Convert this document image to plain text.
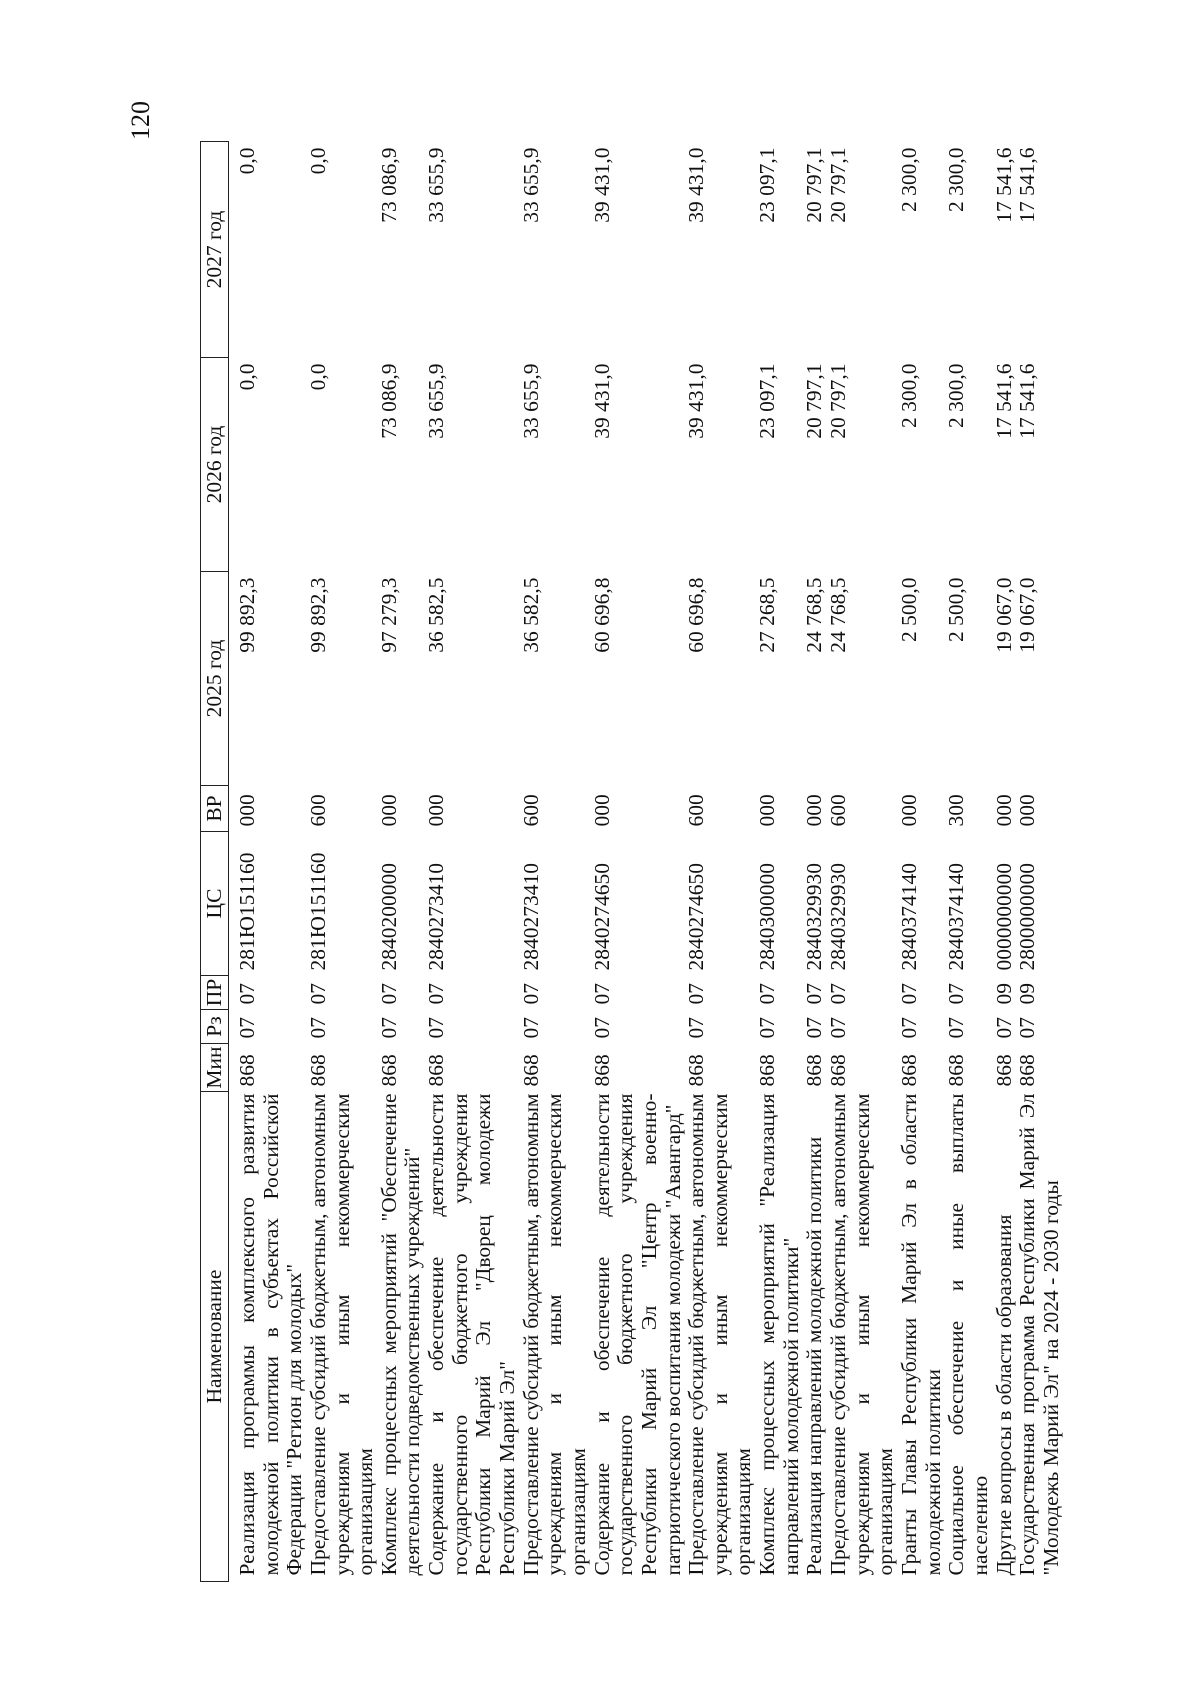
120
Наименование	Мин	Рз	ПР	ЦС	ВР	2025 год	2026 год	2027 год
Реализация программы комплексного развития молодежной политики в субъектах Российской Федерации "Регион для молодых"	868	07	07	281Ю151160	000	99 892,3	0,0	0,0
Предоставление субсидий бюджетным, автономным учреждениям и иным некоммерческим организациям	868	07	07	281Ю151160	600	99 892,3	0,0	0,0
Комплекс процессных мероприятий "Обеспечение деятельности подведомственных учреждений"	868	07	07	2840200000	000	97 279,3	73 086,9	73 086,9
Содержание и обеспечение деятельности государственного бюджетного учреждения Республики Марий Эл "Дворец молодежи Республики Марий Эл"	868	07	07	2840273410	000	36 582,5	33 655,9	33 655,9
Предоставление субсидий бюджетным, автономным учреждениям и иным некоммерческим организациям	868	07	07	2840273410	600	36 582,5	33 655,9	33 655,9
Содержание и обеспечение деятельности государственного бюджетного учреждения Республики Марий Эл "Центр военно-патриотического воспитания молодежи "Авангард"	868	07	07	2840274650	000	60 696,8	39 431,0	39 431,0
Предоставление субсидий бюджетным, автономным учреждениям и иным некоммерческим организациям	868	07	07	2840274650	600	60 696,8	39 431,0	39 431,0
Комплекс процессных мероприятий "Реализация направлений молодежной политики"	868	07	07	2840300000	000	27 268,5	23 097,1	23 097,1
Реализация направлений молодежной политики	868	07	07	2840329930	000	24 768,5	20 797,1	20 797,1
Предоставление субсидий бюджетным, автономным учреждениям и иным некоммерческим организациям	868	07	07	2840329930	600	24 768,5	20 797,1	20 797,1
Гранты Главы Республики Марий Эл в области молодежной политики	868	07	07	2840374140	000	2 500,0	2 300,0	2 300,0
Социальное обеспечение и иные выплаты населению	868	07	07	2840374140	300	2 500,0	2 300,0	2 300,0
Другие вопросы в области образования	868	07	09	0000000000	000	19 067,0	17 541,6	17 541,6
Государственная программа Республики Марий Эл "Молодежь Марий Эл" на 2024 - 2030 годы	868	07	09	2800000000	000	19 067,0	17 541,6	17 541,6
